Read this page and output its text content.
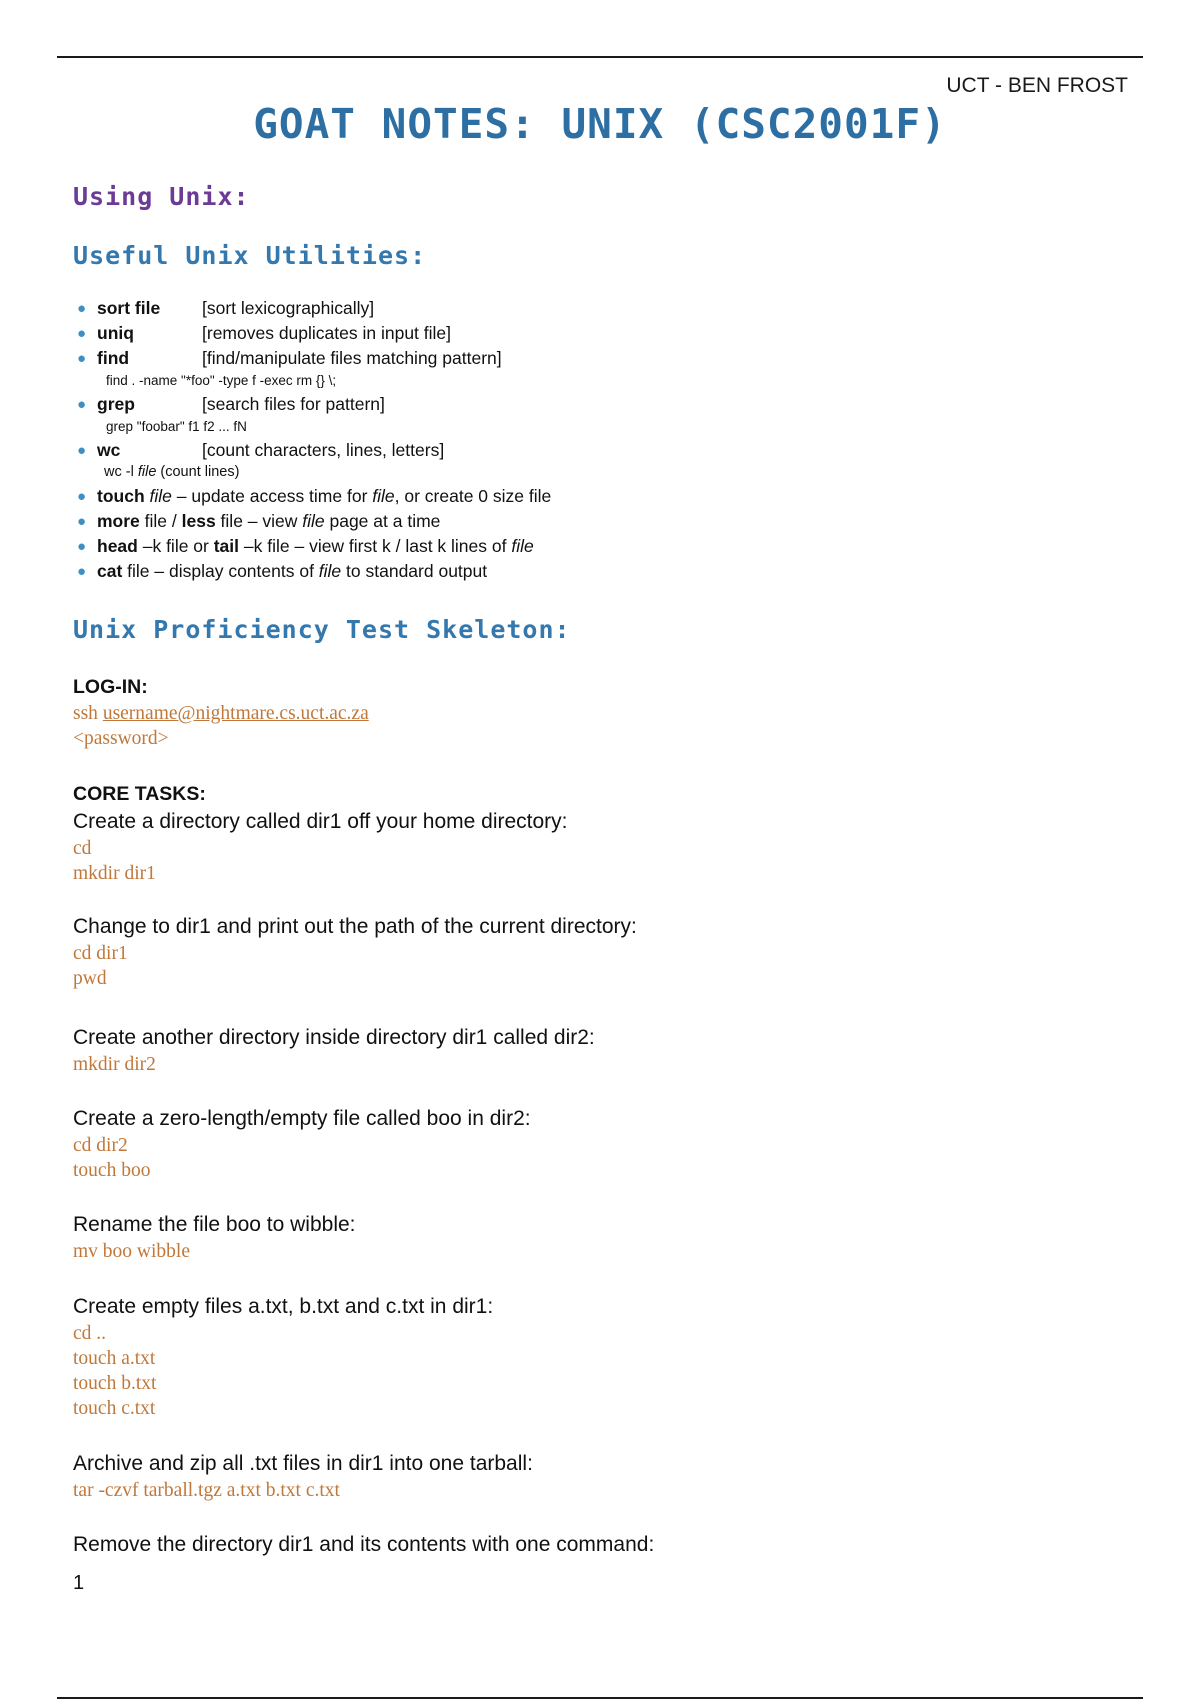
UCT - BEN FROST
GOAT NOTES: UNIX (CSC2001F)
Using Unix:
Useful Unix Utilities:
● sort file [sort lexicographically]
● uniq	[removes duplicates in input file]
● find	[find/manipulate files matching pattern]
find . -name "*foo" -type f -exec rm {} \;
● grep	[search files for pattern]
grep "foobar" f1 f2 ... fN
● wc	[count characters, lines, letters]
wc -l file (count lines)
● touch file – update access time for file, or create 0 size file
● more file / less file – view file page at a time
● head –k file or tail –k file – view first k / last k lines of file
● cat file – display contents of file to standard output
Unix Proficiency Test Skeleton:
LOG-IN:
ssh username@nightmare.cs.uct.ac.za
<password>
CORE TASKS:
Create a directory called dir1 off your home directory:
cd
mkdir dir1
Change to dir1 and print out the path of the current directory:
cd dir1
pwd
Create another directory inside directory dir1 called dir2:
mkdir dir2
Create a zero-length/empty file called boo in dir2:
cd dir2
touch boo
Rename the file boo to wibble:
mv boo wibble
Create empty files a.txt, b.txt and c.txt in dir1:
cd ..
touch a.txt
touch b.txt
touch c.txt
Archive and zip all .txt files in dir1 into one tarball:
tar -czvf tarball.tgz a.txt b.txt c.txt
Remove the directory dir1 and its contents with one command:
1
